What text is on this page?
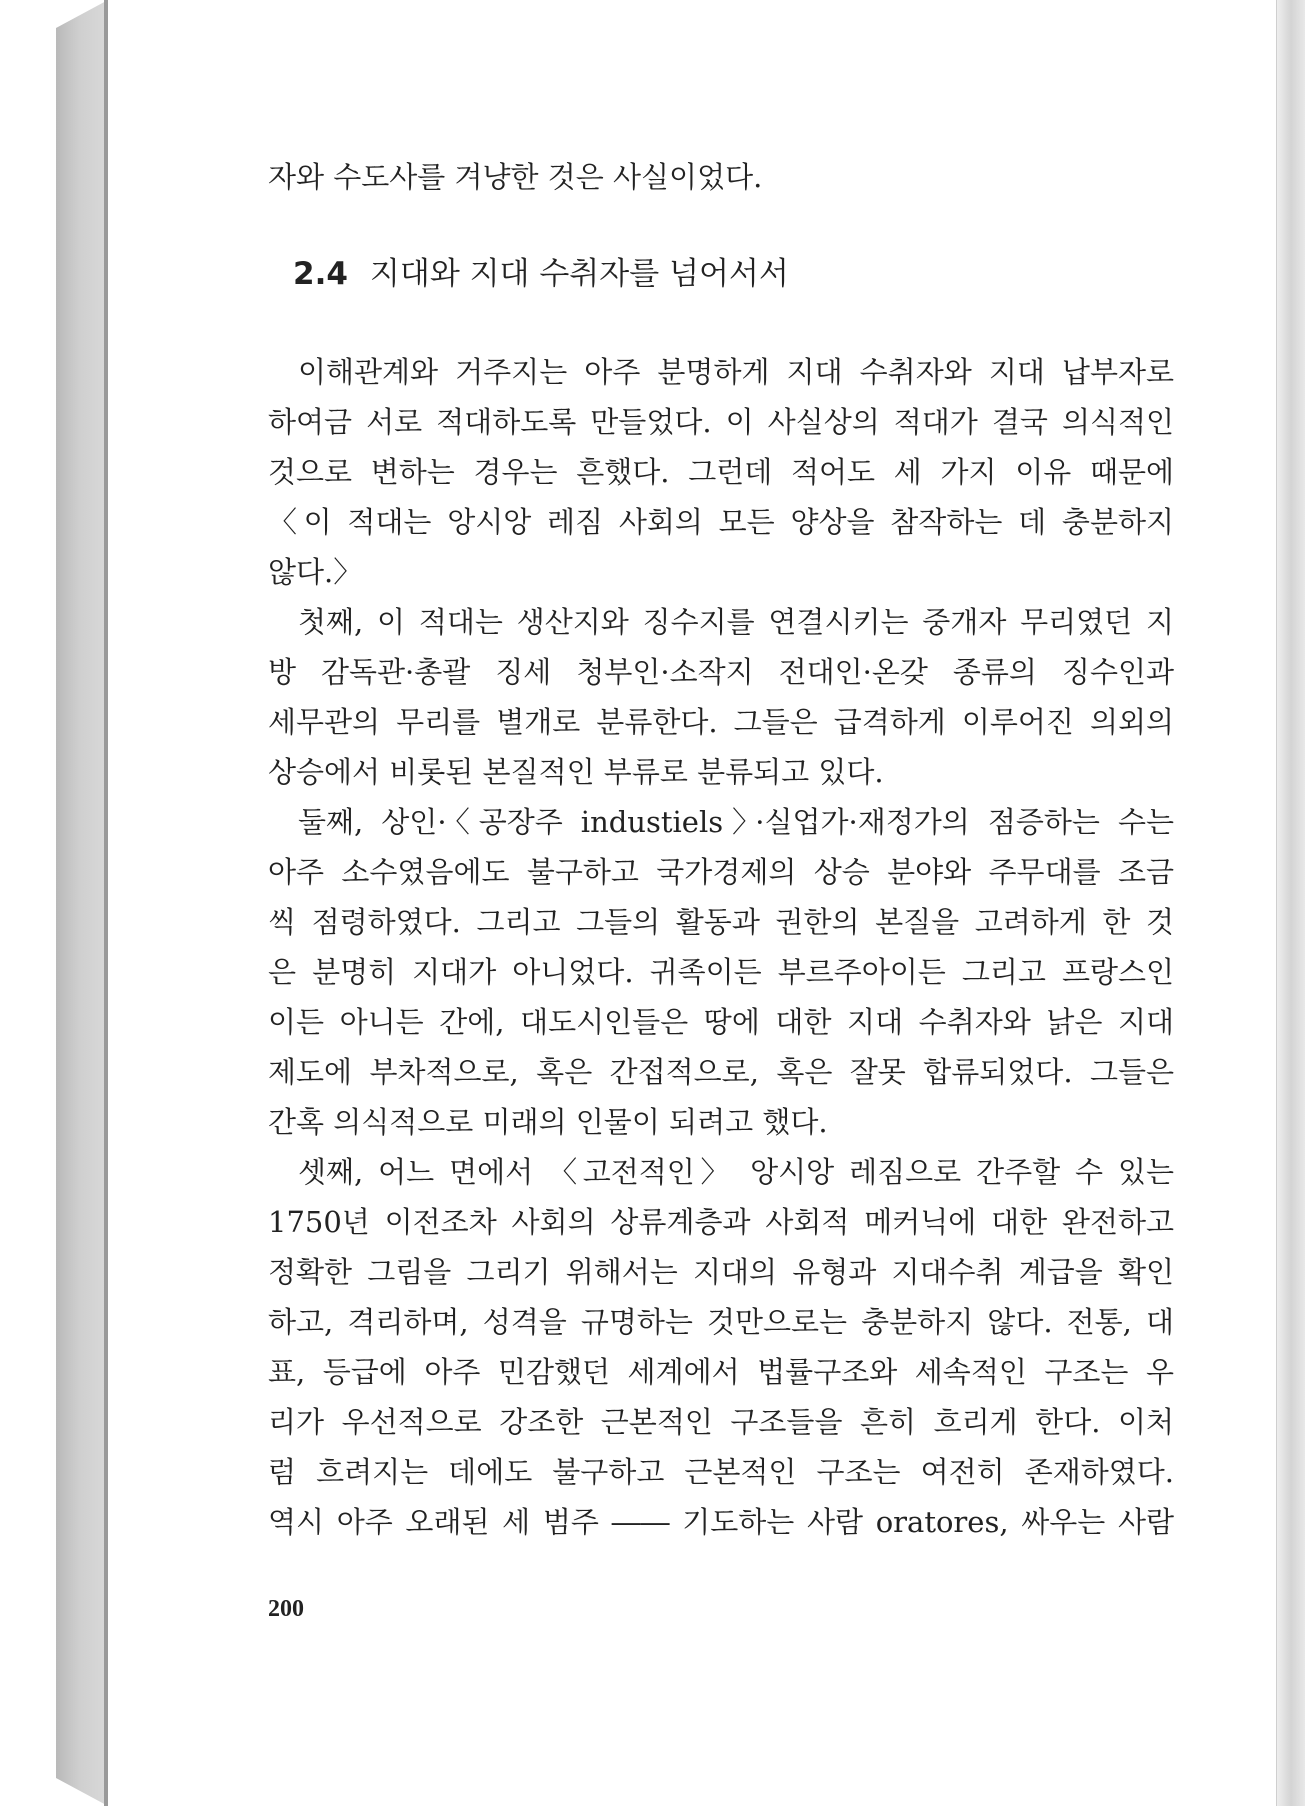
자와 수도사를 겨냥한 것은 사실이었다.
2.4 지대와 지대 수취자를 넘어서서
이해관계와 거주지는 아주 분명하게 지대 수취자와 지대 납부자로
하여금 서로 적대하도록 만들었다. 이 사실상의 적대가 결국 의식적인
것으로 변하는 경우는 흔했다. 그런데 적어도 세 가지 이유 때문에
〈이 적대는 앙시앙 레짐 사회의 모든 양상을 참작하는 데 충분하지
않다.〉
첫째, 이 적대는 생산지와 징수지를 연결시키는 중개자 무리였던 지
방 감독관·총괄 징세 청부인·소작지 전대인·온갖 종류의 징수인과
세무관의 무리를 별개로 분류한다. 그들은 급격하게 이루어진 의외의
상승에서 비롯된 본질적인 부류로 분류되고 있다.
둘째, 상인·〈공장주 industiels〉·실업가·재정가의 점증하는 수는
아주 소수였음에도 불구하고 국가경제의 상승 분야와 주무대를 조금
씩 점령하였다. 그리고 그들의 활동과 권한의 본질을 고려하게 한 것
은 분명히 지대가 아니었다. 귀족이든 부르주아이든 그리고 프랑스인
이든 아니든 간에, 대도시인들은 땅에 대한 지대 수취자와 낡은 지대
제도에 부차적으로, 혹은 간접적으로, 혹은 잘못 합류되었다. 그들은
간혹 의식적으로 미래의 인물이 되려고 했다.
셋째, 어느 면에서 〈고전적인〉 앙시앙 레짐으로 간주할 수 있는
1750년 이전조차 사회의 상류계층과 사회적 메커닉에 대한 완전하고
정확한 그림을 그리기 위해서는 지대의 유형과 지대수취 계급을 확인
하고, 격리하며, 성격을 규명하는 것만으로는 충분하지 않다. 전통, 대
표, 등급에 아주 민감했던 세계에서 법률구조와 세속적인 구조는 우
리가 우선적으로 강조한 근본적인 구조들을 흔히 흐리게 한다. 이처
럼 흐려지는 데에도 불구하고 근본적인 구조는 여전히 존재하였다.
역시 아주 오래된 세 범주 ―― 기도하는 사람 oratores, 싸우는 사람
200
